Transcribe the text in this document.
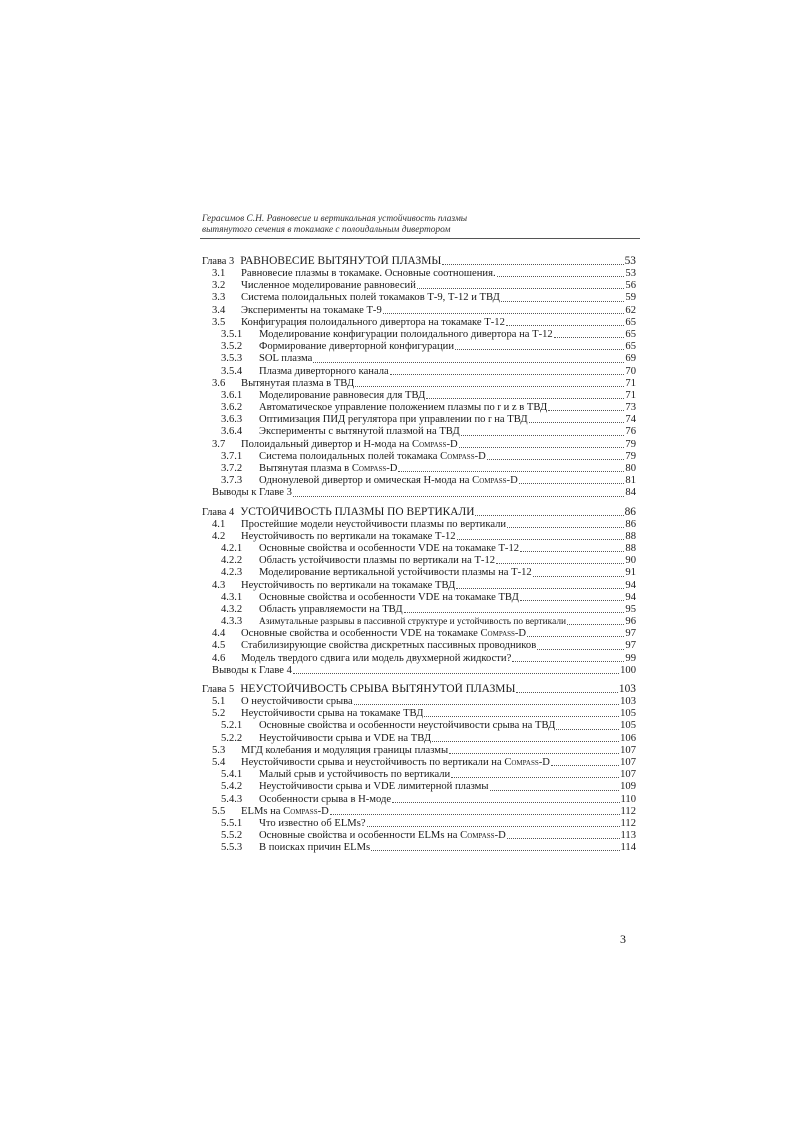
Герасимов С.Н. Равновесие и вертикальная устойчивость плазмы
вытянутого сечения в токамаке с полоидальным дивертором
Глава 3 РАВНОВЕСИЕ ВЫТЯНУТОЙ ПЛАЗМЫ	53
3.1	Равновесие плазмы в токамаке. Основные соотношения.	53
3.2	Численное моделирование равновесий	56
3.3	Система полоидальных полей токамаков Т-9, Т-12 и ТВД	59
3.4	Эксперименты на токамаке Т-9	62
3.5	Конфигурация полоидального дивертора на токамаке Т-12	65
3.5.1	Моделирование конфигурации полоидального дивертора на Т-12	65
3.5.2	Формирование диверторной конфигурации	65
3.5.3	SOL плазма	69
3.5.4	Плазма диверторного канала	70
3.6	Вытянутая плазма в ТВД	71
3.6.1	Моделирование равновесия для ТВД	71
3.6.2	Автоматическое управление положением плазмы по r и z в ТВД	73
3.6.3	Оптимизация ПИД регулятора при управлении по r на ТВД	74
3.6.4	Эксперименты с вытянутой плазмой на ТВД	76
3.7	Полоидальный дивертор и H-мода на Compass-D	79
3.7.1	Система полоидальных полей токамака Compass-D	79
3.7.2	Вытянутая плазма в Compass-D	80
3.7.3	Однонулевой дивертор и омическая H-мода на Compass-D	81
Выводы к Главе 3	84
Глава 4 УСТОЙЧИВОСТЬ ПЛАЗМЫ ПО ВЕРТИКАЛИ	86
4.1	Простейшие модели неустойчивости плазмы по вертикали	86
4.2	Неустойчивость по вертикали на токамаке Т-12	88
4.2.1	Основные свойства и особенности VDE на токамаке Т-12	88
4.2.2	Область устойчивости плазмы по вертикали на Т-12	90
4.2.3	Моделирование вертикальной устойчивости плазмы на Т-12	91
4.3	Неустойчивость по вертикали на токамаке ТВД	94
4.3.1	Основные свойства и особенности VDE на токамаке ТВД	94
4.3.2	Область управляемости на ТВД	95
4.3.3	Азимутальные разрывы в пассивной структуре и устойчивость по вертикали	96
4.4	Основные свойства и особенности VDE на токамаке Compass-D	97
4.5	Стабилизирующие свойства дискретных пассивных проводников	97
4.6	Модель твердого сдвига или модель двухмерной жидкости?	99
Выводы к Главе 4	100
Глава 5 НЕУСТОЙЧИВОСТЬ СРЫВА ВЫТЯНУТОЙ ПЛАЗМЫ	103
5.1	О неустойчивости срыва	103
5.2	Неустойчивости срыва на токамаке ТВД	105
5.2.1	Основные свойства и особенности неустойчивости срыва на ТВД	105
5.2.2	Неустойчивости срыва и VDE на ТВД	106
5.3	МГД колебания и модуляция границы плазмы	107
5.4	Неустойчивости срыва и неустойчивость по вертикали на Compass-D	107
5.4.1	Малый срыв и устойчивость по вертикали	107
5.4.2	Неустойчивости срыва и VDE лимитерной плазмы	109
5.4.3	Особенности срыва в H-моде	110
5.5	ELMs на Compass-D	112
5.5.1	Что известно об ELMs?	112
5.5.2	Основные свойства и особенности ELMs на Compass-D	113
5.5.3	В поисках причин ELMs	114
3
